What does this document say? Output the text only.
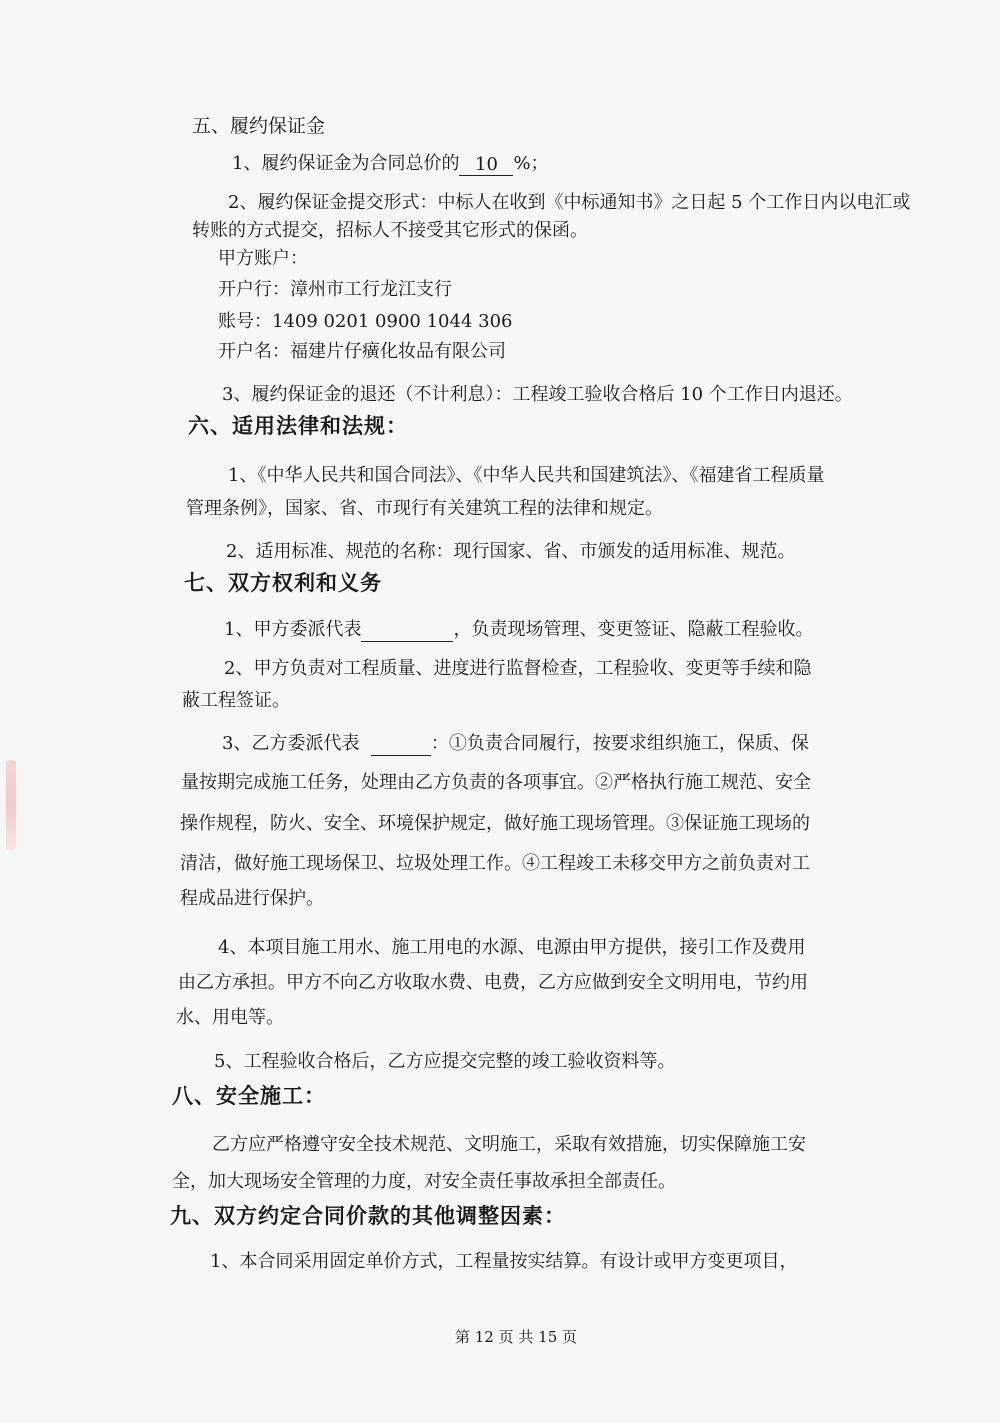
五、履约保证金
1、履约保证金为合同总价的 10 %；
2、履约保证金提交形式：中标人在收到《中标通知书》之日起 5 个工作日内以电汇或
转账的方式提交，招标人不接受其它形式的保函。
甲方账户：
开户行：漳州市工行龙江支行
账号：1409 0201 0900 1044 306
开户名：福建片仔癀化妆品有限公司
3、履约保证金的退还（不计利息）：工程竣工验收合格后 10 个工作日内退还。
六、适用法律和法规：
1、《中华人民共和国合同法》、《中华人民共和国建筑法》、《福建省工程质量
管理条例》，国家、省、市现行有关建筑工程的法律和规定。
2、适用标准、规范的名称：现行国家、省、市颁发的适用标准、规范。
七、双方权利和义务
1、甲方委派代表	，负责现场管理、变更签证、隐蔽工程验收。
2、甲方负责对工程质量、进度进行监督检查，工程验收、变更等手续和隐
蔽工程签证。
3、乙方委派代表	：①负责合同履行，按要求组织施工，保质、保
量按期完成施工任务，处理由乙方负责的各项事宜。②严格执行施工规范、安全
操作规程，防火、安全、环境保护规定，做好施工现场管理。③保证施工现场的
清洁，做好施工现场保卫、垃圾处理工作。④工程竣工未移交甲方之前负责对工
程成品进行保护。
4、本项目施工用水、施工用电的水源、电源由甲方提供，接引工作及费用
由乙方承担。甲方不向乙方收取水费、电费，乙方应做到安全文明用电，节约用
水、用电等。
5、工程验收合格后，乙方应提交完整的竣工验收资料等。
八、安全施工：
乙方应严格遵守安全技术规范、文明施工，采取有效措施，切实保障施工安
全，加大现场安全管理的力度，对安全责任事故承担全部责任。
九、双方约定合同价款的其他调整因素：
1、本合同采用固定单价方式，工程量按实结算。有设计或甲方变更项目，
第 12 页 共 15 页
